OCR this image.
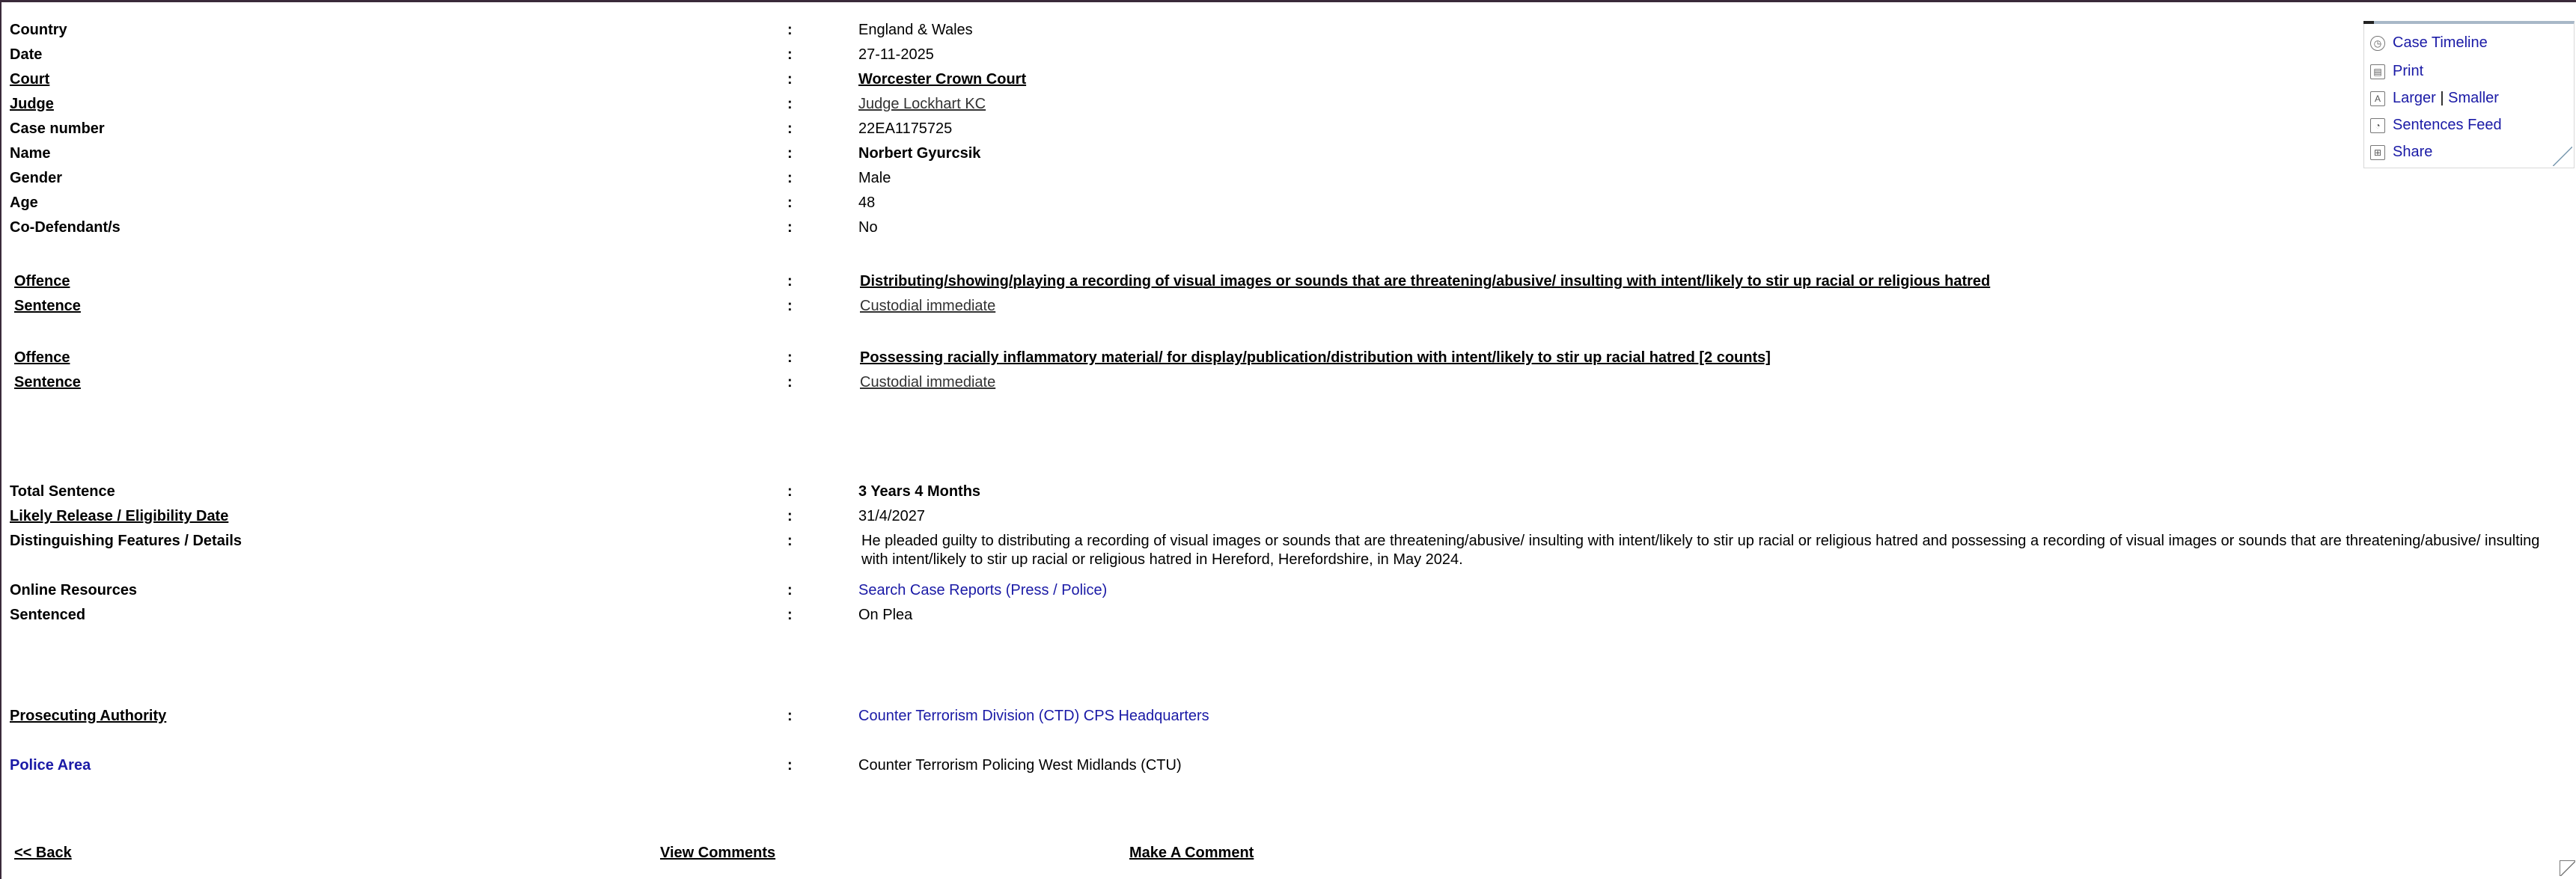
Country	:	England & Wales
Date	:	27-11-2025
Court	:	Worcester Crown Court
Judge	:	Judge Lockhart KC
Case number	:	22EA1175725
Name	:	Norbert Gyurcsik
Gender	:	Male
Age	:	48
Co-Defendant/s	:	No
Offence	:	Distributing/showing/playing a recording of visual images or sounds that are threatening/abusive/ insulting with intent/likely to stir up racial or religious hatred
Sentence	:	Custodial immediate
Offence	:	Possessing racially inflammatory material/ for display/publication/distribution with intent/likely to stir up racial hatred [2 counts]
Sentence	:	Custodial immediate
Total Sentence	:	3 Years 4 Months
Likely Release / Eligibility Date	:	31/4/2027
Distinguishing Features / Details	:	He pleaded guilty to distributing a recording of visual images or sounds that are threatening/abusive/ insulting with intent/likely to stir up racial or religious hatred and possessing a recording of visual images or sounds that are threatening/abusive/ insulting with intent/likely to stir up racial or religious hatred in Hereford, Herefordshire, in May 2024.
Online Resources	:	Search Case Reports (Press / Police)
Sentenced	:	On Plea
Prosecuting Authority	:	Counter Terrorism Division (CTD) CPS Headquarters
Police Area	:	Counter Terrorism Policing West Midlands (CTU)
<< Back	View Comments	Make A Comment
◷ Case Timeline
▤ Print
A Larger | Smaller
◔ Sentences Feed
⊞ Share
